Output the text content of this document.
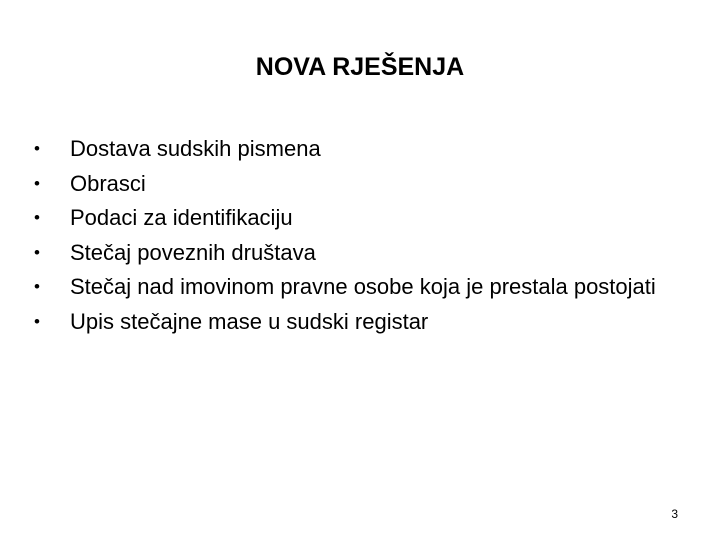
NOVA RJEŠENJA
•	Dostava sudskih pismena
•	Obrasci
•	Podaci za identifikaciju
•	Stečaj poveznih društava
•	Stečaj nad imovinom pravne osobe koja je prestala postojati
•	Upis stečajne mase u sudski registar
3
